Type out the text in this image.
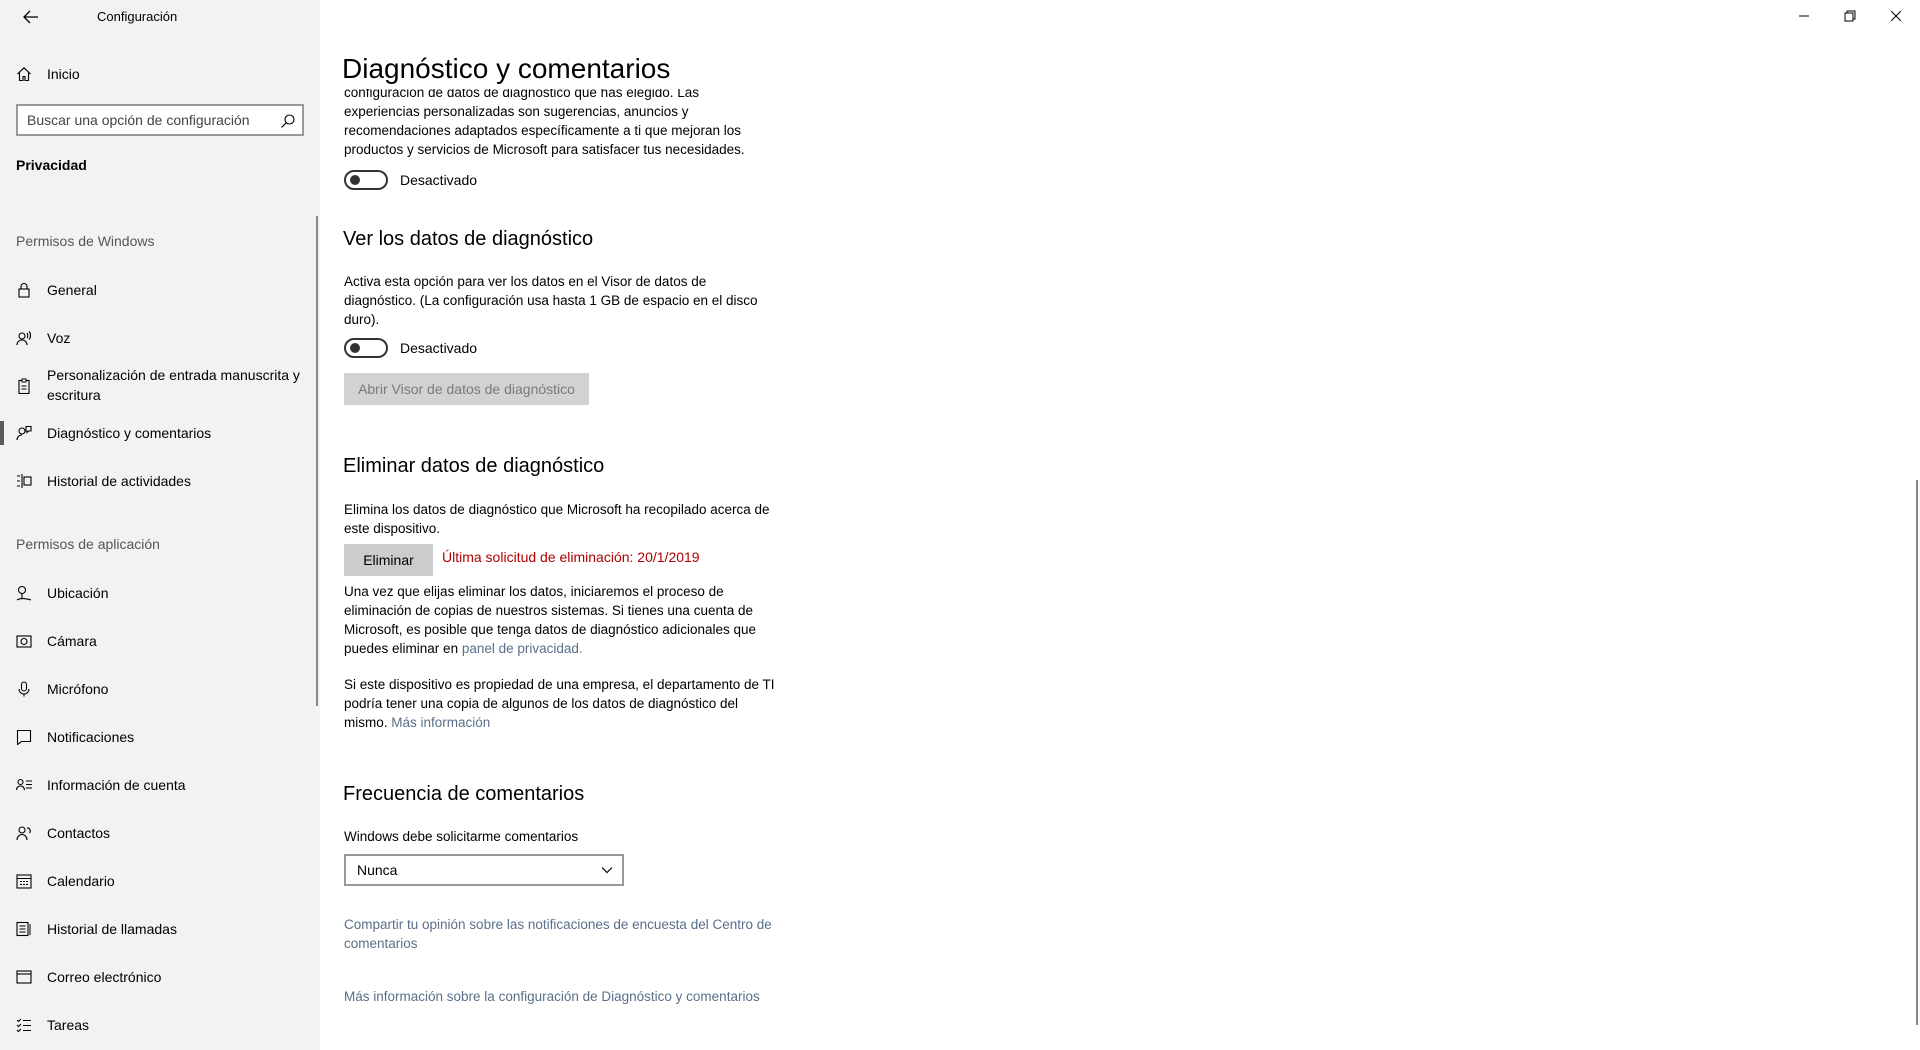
Configuración
Inicio
Buscar una opción de configuración
Privacidad
Permisos de Windows
General
Voz
Personalización de entrada manuscrita y escritura
Diagnóstico y comentarios
Historial de actividades
Permisos de aplicación
Ubicación
Cámara
Micrófono
Notificaciones
Información de cuenta
Contactos
Calendario
Historial de llamadas
Correo electrónico
Tareas
Diagnóstico y comentarios
configuración de datos de diagnóstico que has elegido. Las
experiencias personalizadas son sugerencias, anuncios y
recomendaciones adaptados específicamente a ti que mejoran los
productos y servicios de Microsoft para satisfacer tus necesidades.
Desactivado
Ver los datos de diagnóstico
Activa esta opción para ver los datos en el Visor de datos de
diagnóstico. (La configuración usa hasta 1 GB de espacio en el disco
duro).
Desactivado
Abrir Visor de datos de diagnóstico
Eliminar datos de diagnóstico
Elimina los datos de diagnóstico que Microsoft ha recopilado acerca de
este dispositivo.
Eliminar	Última solicitud de eliminación: 20/1/2019
Una vez que elijas eliminar los datos, iniciaremos el proceso de
eliminación de copias de nuestros sistemas. Si tienes una cuenta de
Microsoft, es posible que tenga datos de diagnóstico adicionales que
puedes eliminar en panel de privacidad.
Si este dispositivo es propiedad de una empresa, el departamento de TI
podría tener una copia de algunos de los datos de diagnóstico del
mismo. Más información
Frecuencia de comentarios
Windows debe solicitarme comentarios
Nunca
Compartir tu opinión sobre las notificaciones de encuesta del Centro de
comentarios
Más información sobre la configuración de Diagnóstico y comentarios
